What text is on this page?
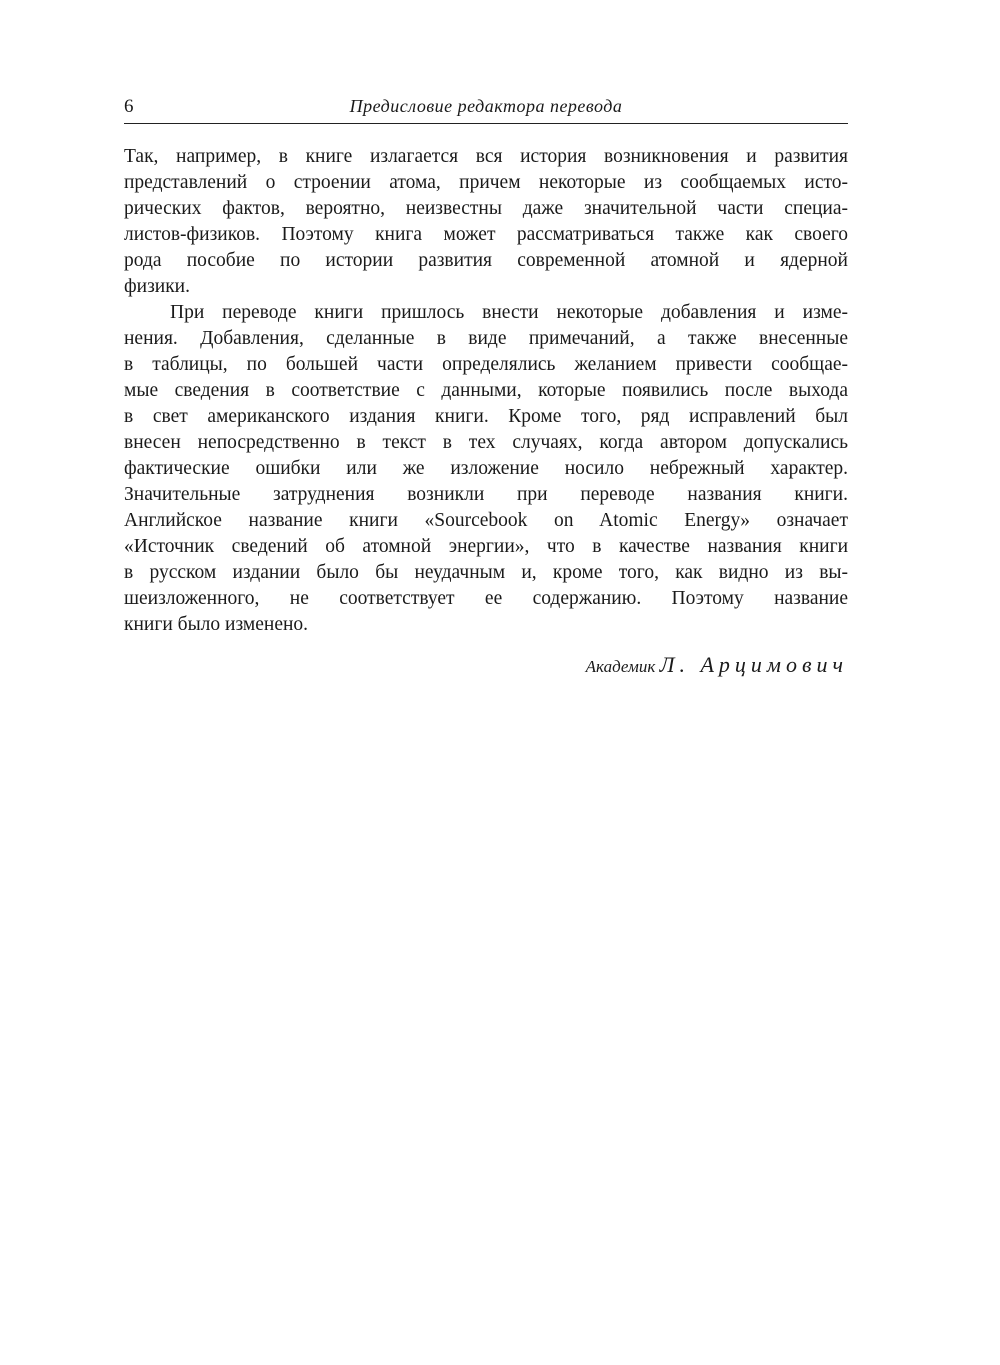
6	Предисловие редактора перевода
Так, например, в книге излагается вся история возникновения и развития
представлений о строении атома, причем некоторые из сообщаемых исто-
рических фактов, вероятно, неизвестны даже значительной части специа-
листов-физиков. Поэтому книга может рассматриваться также как своего
рода пособие по истории развития современной атомной и ядерной
физики.
При переводе книги пришлось внести некоторые добавления и изме-
нения. Добавления, сделанные в виде примечаний, а также внесенные
в таблицы, по большей части определялись желанием привести сообщае-
мые сведения в соответствие с данными, которые появились после выхода
в свет американского издания книги. Кроме того, ряд исправлений был
внесен непосредственно в текст в тех случаях, когда автором допускались
фактические ошибки или же изложение носило небрежный характер.
Значительные затруднения возникли при переводе названия книги.
Английское название книги «Sourcebook on Atomic Energy» означает
«Источник сведений об атомной энергии», что в качестве названия книги
в русском издании было бы неудачным и, кроме того, как видно из вы-
шеизложенного, не соответствует ее содержанию. Поэтому название
книги было изменено.
Академик Л. Арцимович
